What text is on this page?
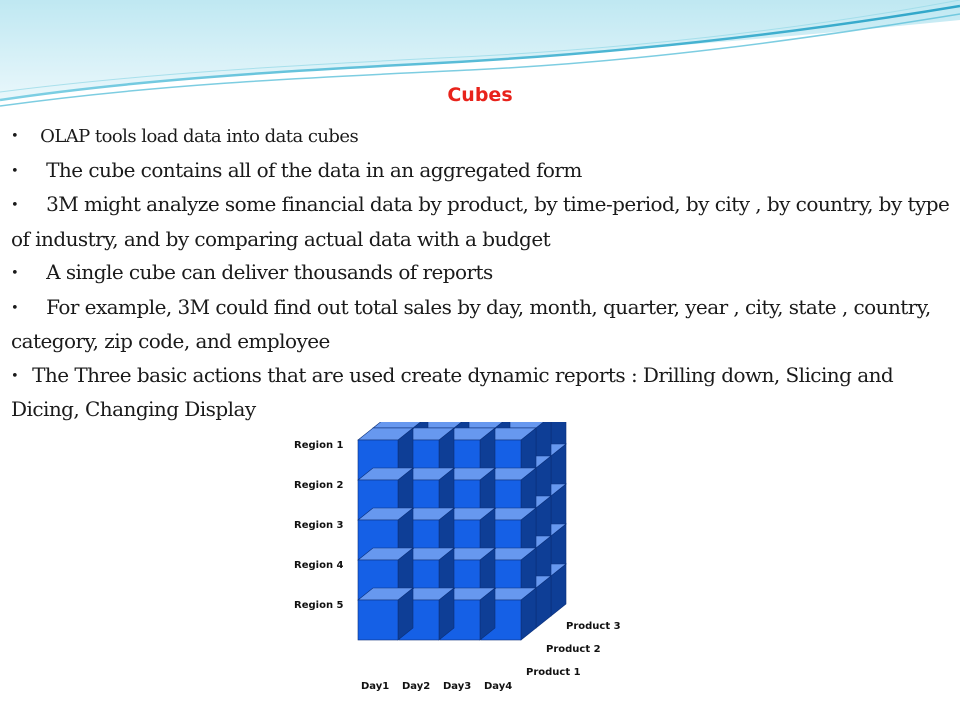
Cubes
• OLAP tools load data into data cubes
• The cube contains all of the data in an aggregated form
• 3M might analyze some financial data by product, by time-period, by city , by country, by type of industry, and by comparing actual data with a budget
• A single cube can deliver thousands of reports
• For example, 3M could find out total sales by day, month, quarter, year , city, state , country, category, zip code, and employee
• The Three basic actions that are used create dynamic reports : Drilling down, Slicing and Dicing, Changing Display
Region 1
Region 2
Region 3
Region 4
Region 5
Day1 Day2 Day3 Day4
Product 1
Product 2
Product 3
